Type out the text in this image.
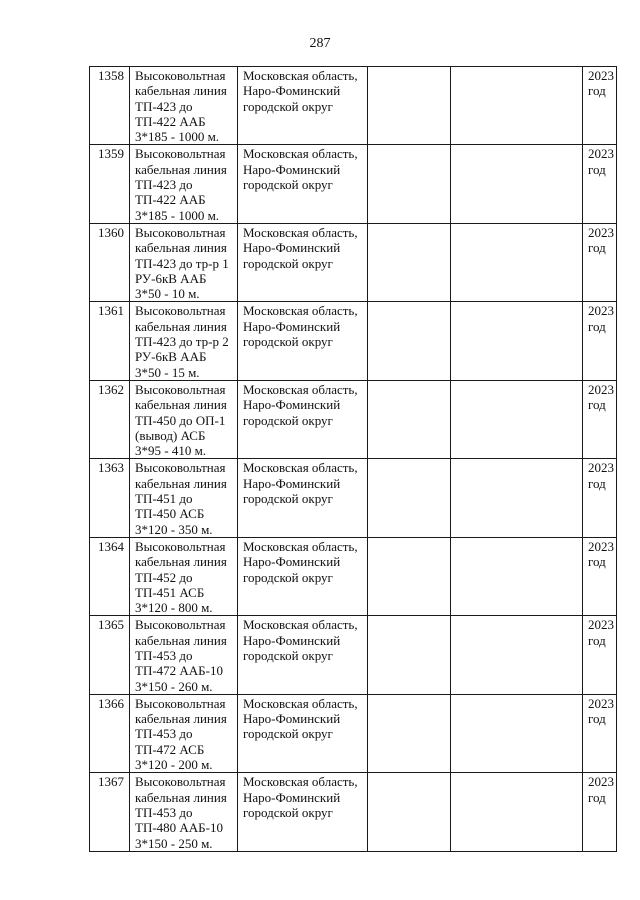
287
1358	Высоковольтная
кабельная линия
ТП-423 до
ТП-422 ААБ
3*185 - 1000 м.	Московская область,
Наро-Фоминский
городской округ			2023
год

1359	Высоковольтная
кабельная линия
ТП-423 до
ТП-422 ААБ
3*185 - 1000 м.	Московская область,
Наро-Фоминский
городской округ			2023
год

1360	Высоковольтная
кабельная линия
ТП-423 до тр-р 1
РУ-6кВ ААБ
3*50 - 10 м.	Московская область,
Наро-Фоминский
городской округ			2023
год

1361	Высоковольтная
кабельная линия
ТП-423 до тр-р 2
РУ-6кВ ААБ
3*50 - 15 м.	Московская область,
Наро-Фоминский
городской округ			2023
год

1362	Высоковольтная
кабельная линия
ТП-450 до ОП-1
(вывод) АСБ
3*95 - 410 м.	Московская область,
Наро-Фоминский
городской округ			2023
год

1363	Высоковольтная
кабельная линия
ТП-451 до
ТП-450 АСБ
3*120 - 350 м.	Московская область,
Наро-Фоминский
городской округ			2023
год

1364	Высоковольтная
кабельная линия
ТП-452 до
ТП-451 АСБ
3*120 - 800 м.	Московская область,
Наро-Фоминский
городской округ			2023
год

1365	Высоковольтная
кабельная линия
ТП-453 до
ТП-472 ААБ-10
3*150 - 260 м.	Московская область,
Наро-Фоминский
городской округ			2023
год

1366	Высоковольтная
кабельная линия
ТП-453 до
ТП-472 АСБ
3*120 - 200 м.	Московская область,
Наро-Фоминский
городской округ			2023
год

1367	Высоковольтная
кабельная линия
ТП-453 до
ТП-480 ААБ-10
3*150 - 250 м.	Московская область,
Наро-Фоминский
городской округ			2023
год
